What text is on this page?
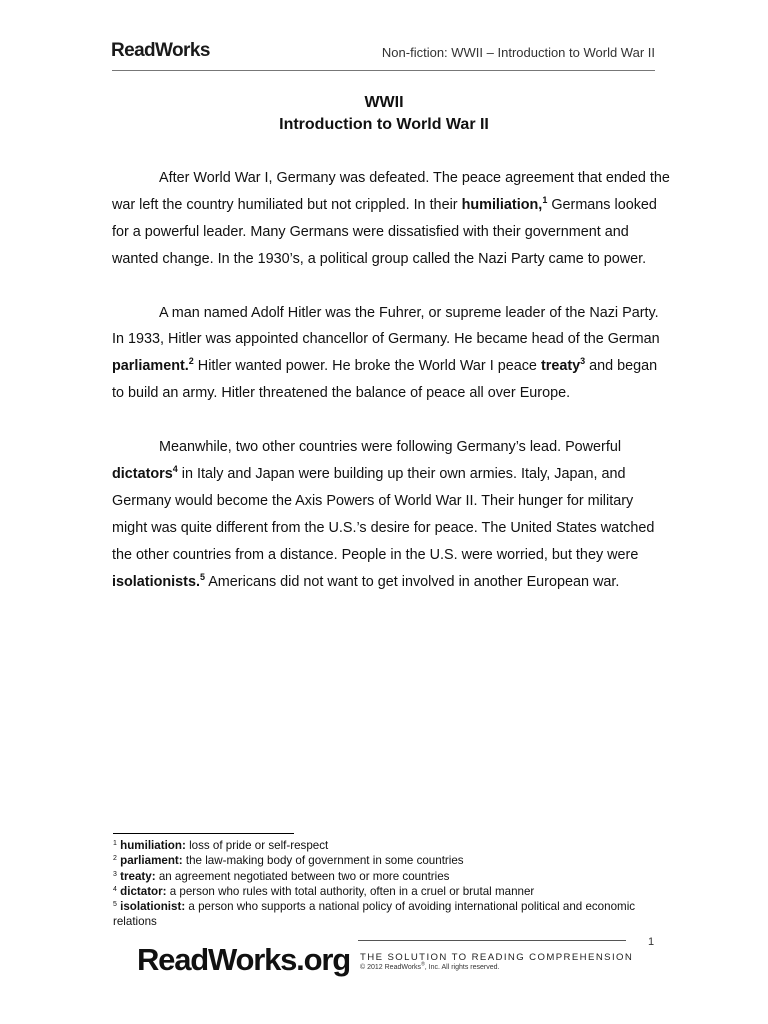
ReadWorks	Non-fiction: WWII – Introduction to World War II
WWII
Introduction to World War II

After World War I, Germany was defeated. The peace agreement that ended the war left the country humiliated but not crippled. In their humiliation,$^1$ Germans looked for a powerful leader. Many Germans were dissatisfied with their government and wanted change. In the 1930’s, a political group called the Nazi Party came to power.

A man named Adolf Hitler was the Fuhrer, or supreme leader of the Nazi Party. In 1933, Hitler was appointed chancellor of Germany. He became head of the German parliament.$^2$ Hitler wanted power. He broke the World War I peace treaty$^3$ and began to build an army. Hitler threatened the balance of peace all over Europe.

Meanwhile, two other countries were following Germany’s lead. Powerful dictators$^4$ in Italy and Japan were building up their own armies. Italy, Japan, and Germany would become the Axis Powers of World War II. Their hunger for military might was quite different from the U.S.’s desire for peace. The United States watched the other countries from a distance. People in the U.S. were worried, but they were isolationists.$^5$ Americans did not want to get involved in another European war.

$^1$ humiliation: loss of pride or self-respect
$^2$ parliament: the law-making body of government in some countries
$^3$ treaty: an agreement negotiated between two or more countries
$^4$ dictator: a person who rules with total authority, often in a cruel or brutal manner
$^5$ isolationist: a person who supports a national policy of avoiding international political and economic relations
1
ReadWorks.org THE SOLUTION TO READING COMPREHENSION
© 2012 ReadWorks®, Inc. All rights reserved.
